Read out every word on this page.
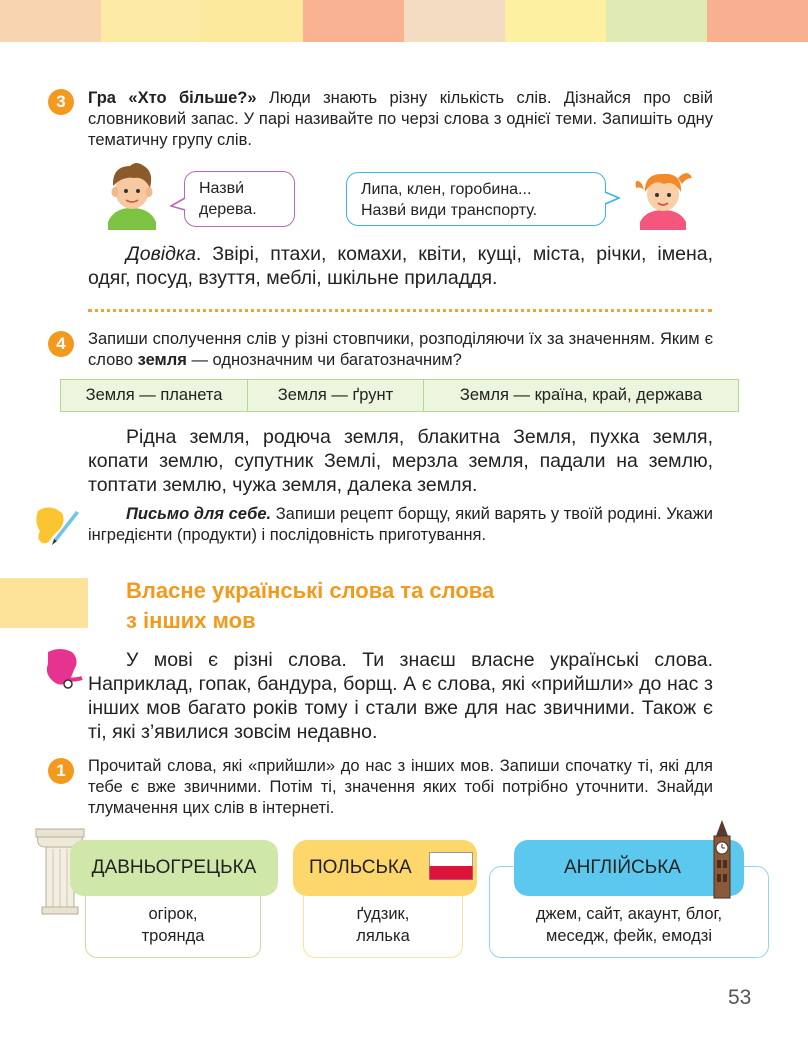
3	Гра «Хто більше?» Люди знають різну кількість слів. Дізнайся про свій словниковий запас. У парі називайте по черзі слова з однієї теми. Запишіть одну тематичну групу слів.
Назви́
дерева.
Липа, клен, горобина...
Назви́ види транспорту.
Довідка. Звірі, птахи, комахи, квіти, кущі, міста, річки, імена, одяг, посуд, взуття, меблі, шкільне приладдя.
4	Запиши сполучення слів у різні стовпчики, розподіляючи їх за значенням. Яким є слово земля — однозначним чи багатозначним?
Земля — планета	Земля — ґрунт	Земля — країна, край, держава
Рідна земля, родюча земля, блакитна Земля, пухка земля, копати землю, супутник Землі, мерзла земля, падали на землю, топтати землю, чужа земля, далека земля.
Письмо для себе. Запиши рецепт борщу, який варять у твоїй родині. Укажи інгредієнти (продукти) і послідовність приготування.
Власне українські слова та слова
з інших мов
У мові є різні слова. Ти знаєш власне українські слова. Наприклад, гопак, бандура, борщ. А є слова, які «прийшли» до нас з інших мов багато років тому і стали вже для нас звичними. Також є ті, які з’явилися зовсім недавно.
1	Прочитай слова, які «прийшли» до нас з інших мов. Запиши спочатку ті, які для тебе є вже звичними. Потім ті, значення яких тобі потрібно уточнити. Знайди тлумачення цих слів в інтернеті.
огірок,
троянда
ДАВНЬОГРЕЦЬКА
ґудзик,
лялька
ПОЛЬСЬКА
джем, сайт, акаунт, блог,
меседж, фейк, емодзі
АНГЛІЙСЬКА
53
